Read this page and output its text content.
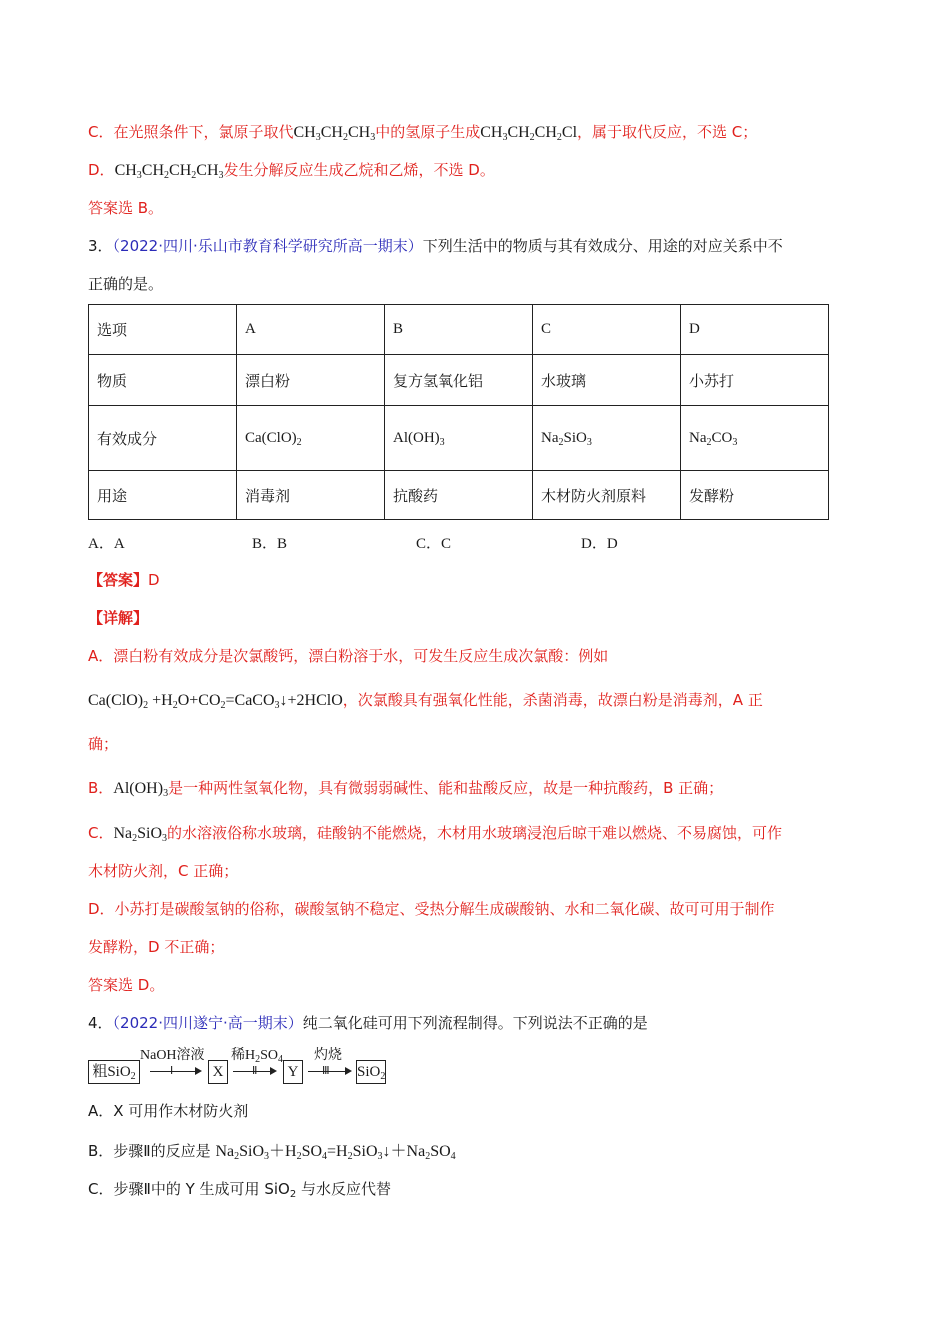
C．在光照条件下，氯原子取代$CH_3CH_2CH_3$中的氢原子生成$CH_3CH_2CH_2Cl$，属于取代反应，不选 C；
D．$CH_3CH_2CH_2CH_3$发生分解反应生成乙烷和乙烯，不选 D。
答案选 B。
3．（2022·四川·乐山市教育科学研究所高一期末）下列生活中的物质与其有效成分、用途的对应关系中不
正确的是。
选项	A	B	C	D
物质	漂白粉	复方氢氧化铝	水玻璃	小苏打
有效成分	$Ca(ClO)_2$	$Al(OH)_3$	$Na_2SiO_3$	$Na_2CO_3$
用途	消毒剂	抗酸药	木材防火剂原料	发酵粉
A．A	B．B	C．C	D．D
【答案】D
【详解】
A．漂白粉有效成分是次氯酸钙，漂白粉溶于水，可发生反应生成次氯酸：例如
$Ca(ClO)_2$ $+H_2O+CO_2=CaCO_3↓+2HClO$，次氯酸具有强氧化性能，杀菌消毒，故漂白粉是消毒剂，A 正
确；
B．$Al(OH)_3$是一种两性氢氧化物，具有微弱弱碱性、能和盐酸反应，故是一种抗酸药，B 正确；
C．$Na_2SiO_3$的水溶液俗称水玻璃，硅酸钠不能燃烧，木材用水玻璃浸泡后晾干难以燃烧、不易腐蚀，可作
木材防火剂，C 正确；
D．小苏打是碳酸氢钠的俗称，碳酸氢钠不稳定、受热分解生成碳酸钠、水和二氧化碳、故可可用于制作
发酵粉，D 不正确；
答案选 D。
4．（2022·四川遂宁·高一期末）纯二氧化硅可用下列流程制得。下列说法不正确的是
粗SiO$_2$
NaOH溶液
Ⅰ	X
稀$H_2SO_4$
Ⅱ	Y
灼烧
Ⅲ SiO$_2$
A．X 可用作木材防火剂
B．步骤Ⅱ的反应是 $Na_2SiO_3+H_2SO_4=H_2SiO_3↓+Na_2SO_4$
C．步骤Ⅱ中的 Y 生成可用 SiO$_2$ 与水反应代替
